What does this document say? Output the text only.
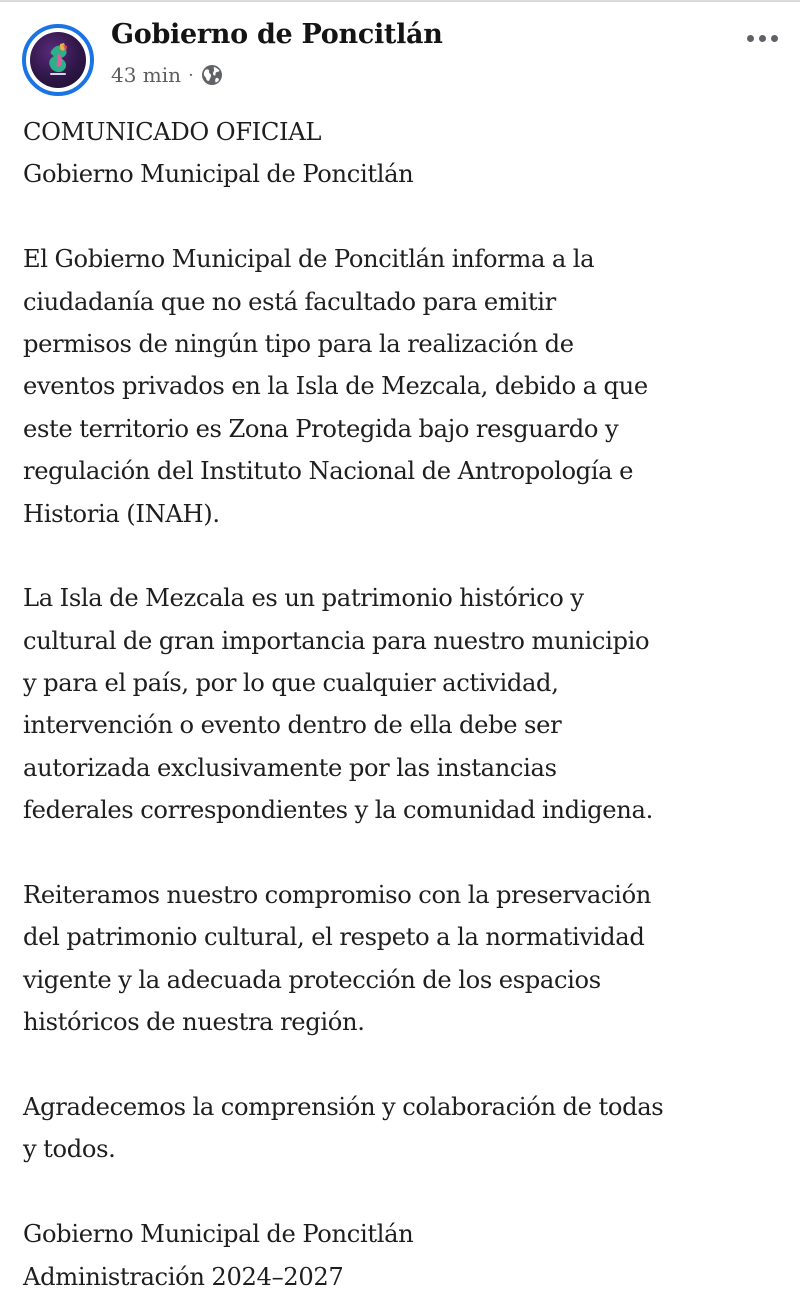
Gobierno de Poncitlán
43 min ·
COMUNICADO OFICIAL
Gobierno Municipal de Poncitlán
El Gobierno Municipal de Poncitlán informa a la
ciudadanía que no está facultado para emitir
permisos de ningún tipo para la realización de
eventos privados en la Isla de Mezcala, debido a que
este territorio es Zona Protegida bajo resguardo y
regulación del Instituto Nacional de Antropología e
Historia (INAH).
La Isla de Mezcala es un patrimonio histórico y
cultural de gran importancia para nuestro municipio
y para el país, por lo que cualquier actividad,
intervención o evento dentro de ella debe ser
autorizada exclusivamente por las instancias
federales correspondientes y la comunidad indigena.
Reiteramos nuestro compromiso con la preservación
del patrimonio cultural, el respeto a la normatividad
vigente y la adecuada protección de los espacios
históricos de nuestra región.
Agradecemos la comprensión y colaboración de todas
y todos.
Gobierno Municipal de Poncitlán
Administración 2024–2027
